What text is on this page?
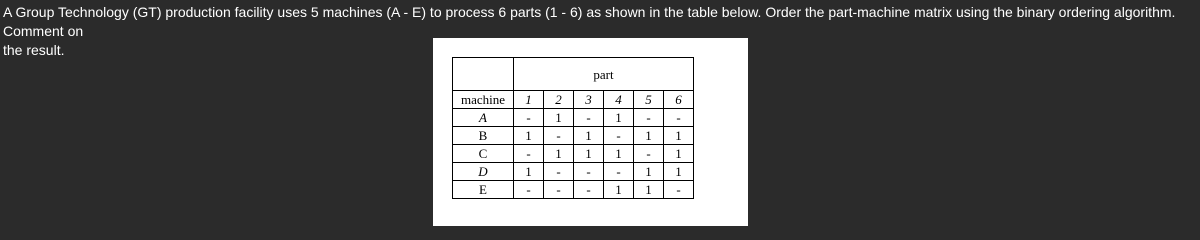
A Group Technology (GT) production facility uses 5 machines (A - E) to process 6 parts (1 - 6) as shown in the table below. Order the part-machine matrix using the binary ordering algorithm. Comment on
the result.
	part					
machine	1	2	3	4	5	6
A	-	1	-	1	-	-
B	1	-	1	-	1	1
C	-	1	1	1	-	1
D	1	-	-	-	1	1
E	-	-	-	1	1	-
